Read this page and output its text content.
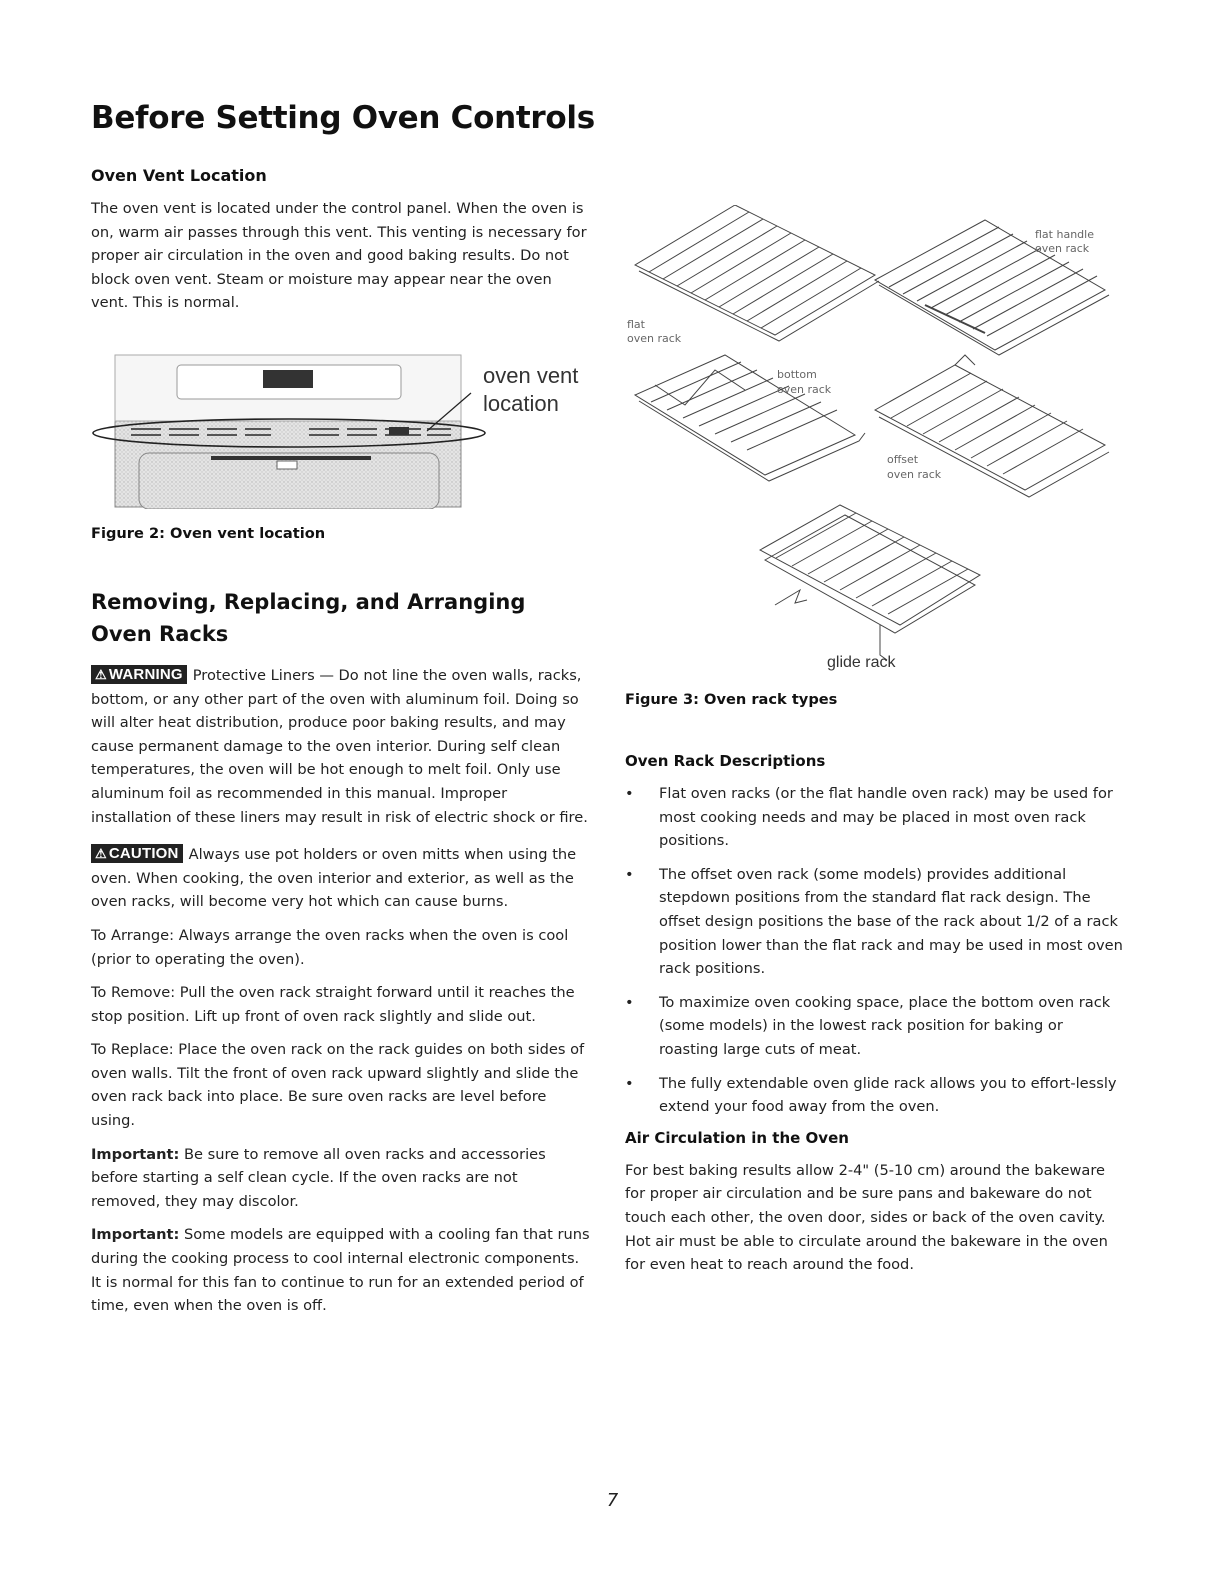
Before Setting Oven Controls
Oven Vent Location

The oven vent is located under the control panel. When the oven is on, warm air passes through this vent. This venting is necessary for proper air circulation in the oven and good baking results. Do not block oven vent. Steam or moisture may appear near the oven vent. This is normal.

oven vent
location

Figure 2: Oven vent location

Removing, Replacing, and Arranging Oven Racks

⚠ WARNING Protective Liners — Do not line the oven walls, racks, bottom, or any other part of the oven with aluminum foil. Doing so will alter heat distribution, produce poor baking results, and may cause permanent damage to the oven interior. During self clean temperatures, the oven will be hot enough to melt foil. Only use aluminum foil as recommended in this manual. Improper installation of these liners may result in risk of electric shock or fire.

⚠ CAUTION Always use pot holders or oven mitts when using the oven. When cooking, the oven interior and exterior, as well as the oven racks, will become very hot which can cause burns.

To Arrange: Always arrange the oven racks when the oven is cool (prior to operating the oven).

To Remove: Pull the oven rack straight forward until it reaches the stop position. Lift up front of oven rack slightly and slide out.

To Replace: Place the oven rack on the rack guides on both sides of oven walls. Tilt the front of oven rack upward slightly and slide the oven rack back into place. Be sure oven racks are level before using.

Important: Be sure to remove all oven racks and accessories before starting a self clean cycle. If the oven racks are not removed, they may discolor.

Important: Some models are equipped with a cooling fan that runs during the cooking process to cool internal electronic components. It is normal for this fan to continue to run for an extended period of time, even when the oven is off.

flat
oven rack
flat handle
oven rack
bottom
oven rack
offset
oven rack
glide rack

Figure 3: Oven rack types

Oven Rack Descriptions
• Flat oven racks (or the flat handle oven rack) may be used for most cooking needs and may be placed in most oven rack positions.
• The offset oven rack (some models) provides additional stepdown positions from the standard flat rack design. The offset design positions the base of the rack about 1/2 of a rack position lower than the flat rack and may be used in most oven rack positions.
• To maximize oven cooking space, place the bottom oven rack (some models) in the lowest rack position for baking or roasting large cuts of meat.
• The fully extendable oven glide rack allows you to effort-lessly extend your food away from the oven.
Air Circulation in the Oven

For best baking results allow 2-4" (5-10 cm) around the bakeware for proper air circulation and be sure pans and bakeware do not touch each other, the oven door, sides or back of the oven cavity. Hot air must be able to circulate around the bakeware in the oven for even heat to reach around the food.

7
